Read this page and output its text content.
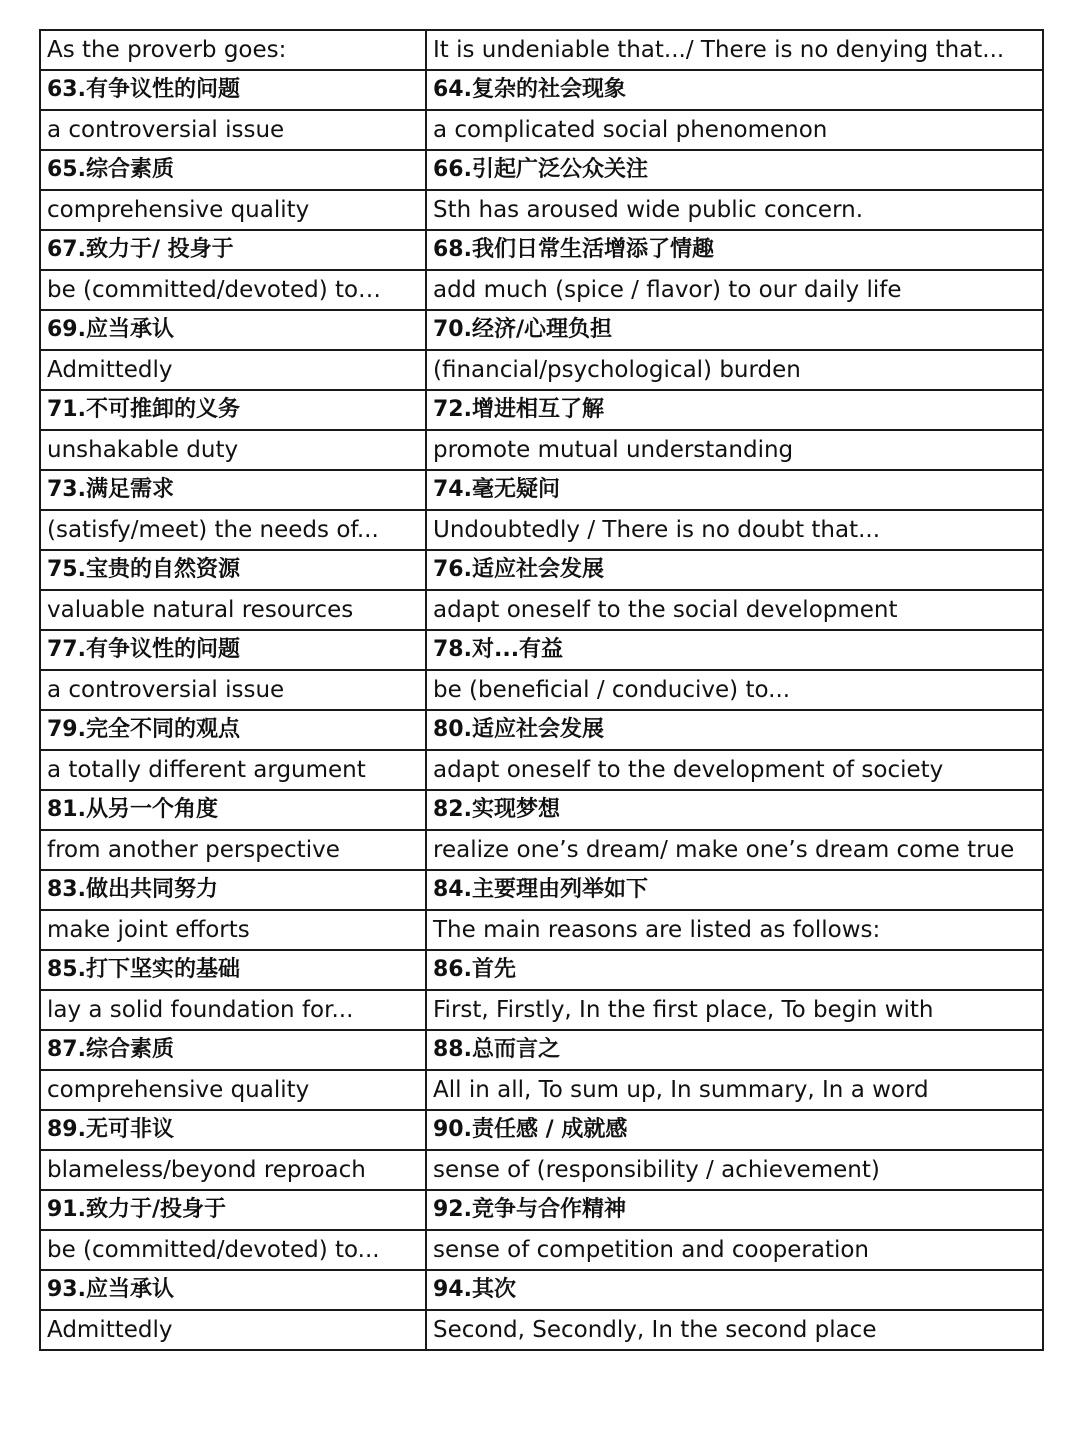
As the proverb goes:	It is undeniable that.../ There is no denying that...
63.有争议性的问题	64.复杂的社会现象
a controversial issue	a complicated social phenomenon
65.综合素质	66.引起广泛公众关注
comprehensive quality	Sth has aroused wide public concern.
67.致力于/ 投身于	68.我们日常生活增添了情趣
be (committed/devoted) to…	add much (spice / flavor) to our daily life
69.应当承认	70.经济/心理负担
Admittedly	(financial/psychological) burden
71.不可推卸的义务	72.增进相互了解
unshakable duty	promote mutual understanding
73.满足需求	74.毫无疑问
(satisfy/meet) the needs of...	Undoubtedly / There is no doubt that...
75.宝贵的自然资源	76.适应社会发展
valuable natural resources	adapt oneself to the social development
77.有争议性的问题	78.对...有益
a controversial issue	be (beneficial / conducive) to...
79.完全不同的观点	80.适应社会发展
a totally different argument	adapt oneself to the development of society
81.从另一个角度	82.实现梦想
from another perspective	realize one’s dream/ make one’s dream come true
83.做出共同努力	84.主要理由列举如下
make joint efforts	The main reasons are listed as follows:
85.打下坚实的基础	86.首先
lay a solid foundation for...	First, Firstly, In the first place, To begin with
87.综合素质	88.总而言之
comprehensive quality	All in all, To sum up, In summary, In a word
89.无可非议	90.责任感 / 成就感
blameless/beyond reproach	sense of (responsibility / achievement)
91.致力于/投身于	92.竞争与合作精神
be (committed/devoted) to...	sense of competition and cooperation
93.应当承认	94.其次
Admittedly	Second, Secondly, In the second place
